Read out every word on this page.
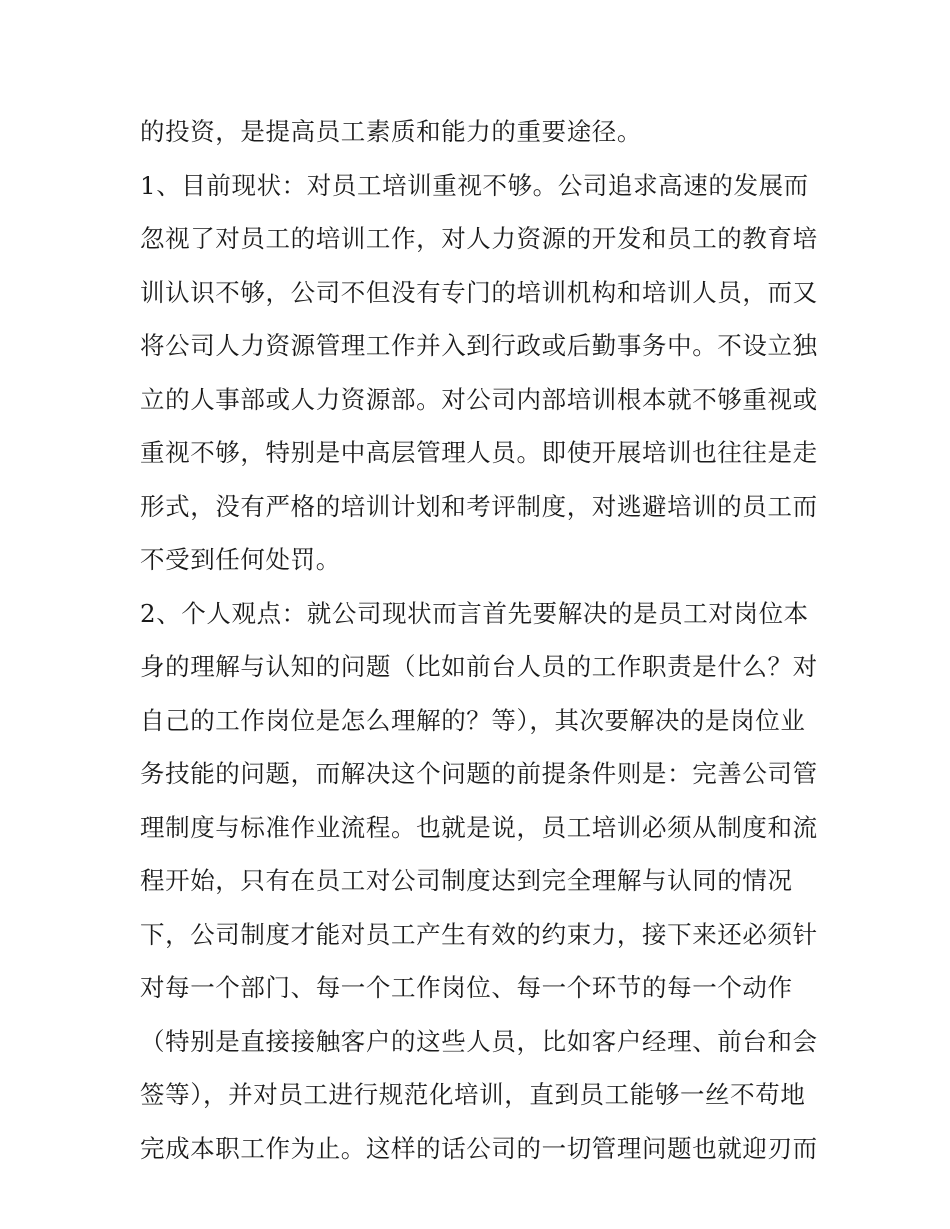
的投资，是提高员工素质和能力的重要途径。
1、目前现状：对员工培训重视不够。公司追求高速的发展而
忽视了对员工的培训工作，对人力资源的开发和员工的教育培
训认识不够，公司不但没有专门的培训机构和培训人员，而又
将公司人力资源管理工作并入到行政或后勤事务中。不设立独
立的人事部或人力资源部。对公司内部培训根本就不够重视或
重视不够，特别是中高层管理人员。即使开展培训也往往是走
形式，没有严格的培训计划和考评制度，对逃避培训的员工而
不受到任何处罚。
2、个人观点：就公司现状而言首先要解决的是员工对岗位本
身的理解与认知的问题（比如前台人员的工作职责是什么？对
自己的工作岗位是怎么理解的？等），其次要解决的是岗位业
务技能的问题，而解决这个问题的前提条件则是：完善公司管
理制度与标准作业流程。也就是说，员工培训必须从制度和流
程开始，只有在员工对公司制度达到完全理解与认同的情况
下，公司制度才能对员工产生有效的约束力，接下来还必须针
对每一个部门、每一个工作岗位、每一个环节的每一个动作
（特别是直接接触客户的这些人员，比如客户经理、前台和会
签等），并对员工进行规范化培训，直到员工能够一丝不苟地
完成本职工作为止。这样的话公司的一切管理问题也就迎刃而
